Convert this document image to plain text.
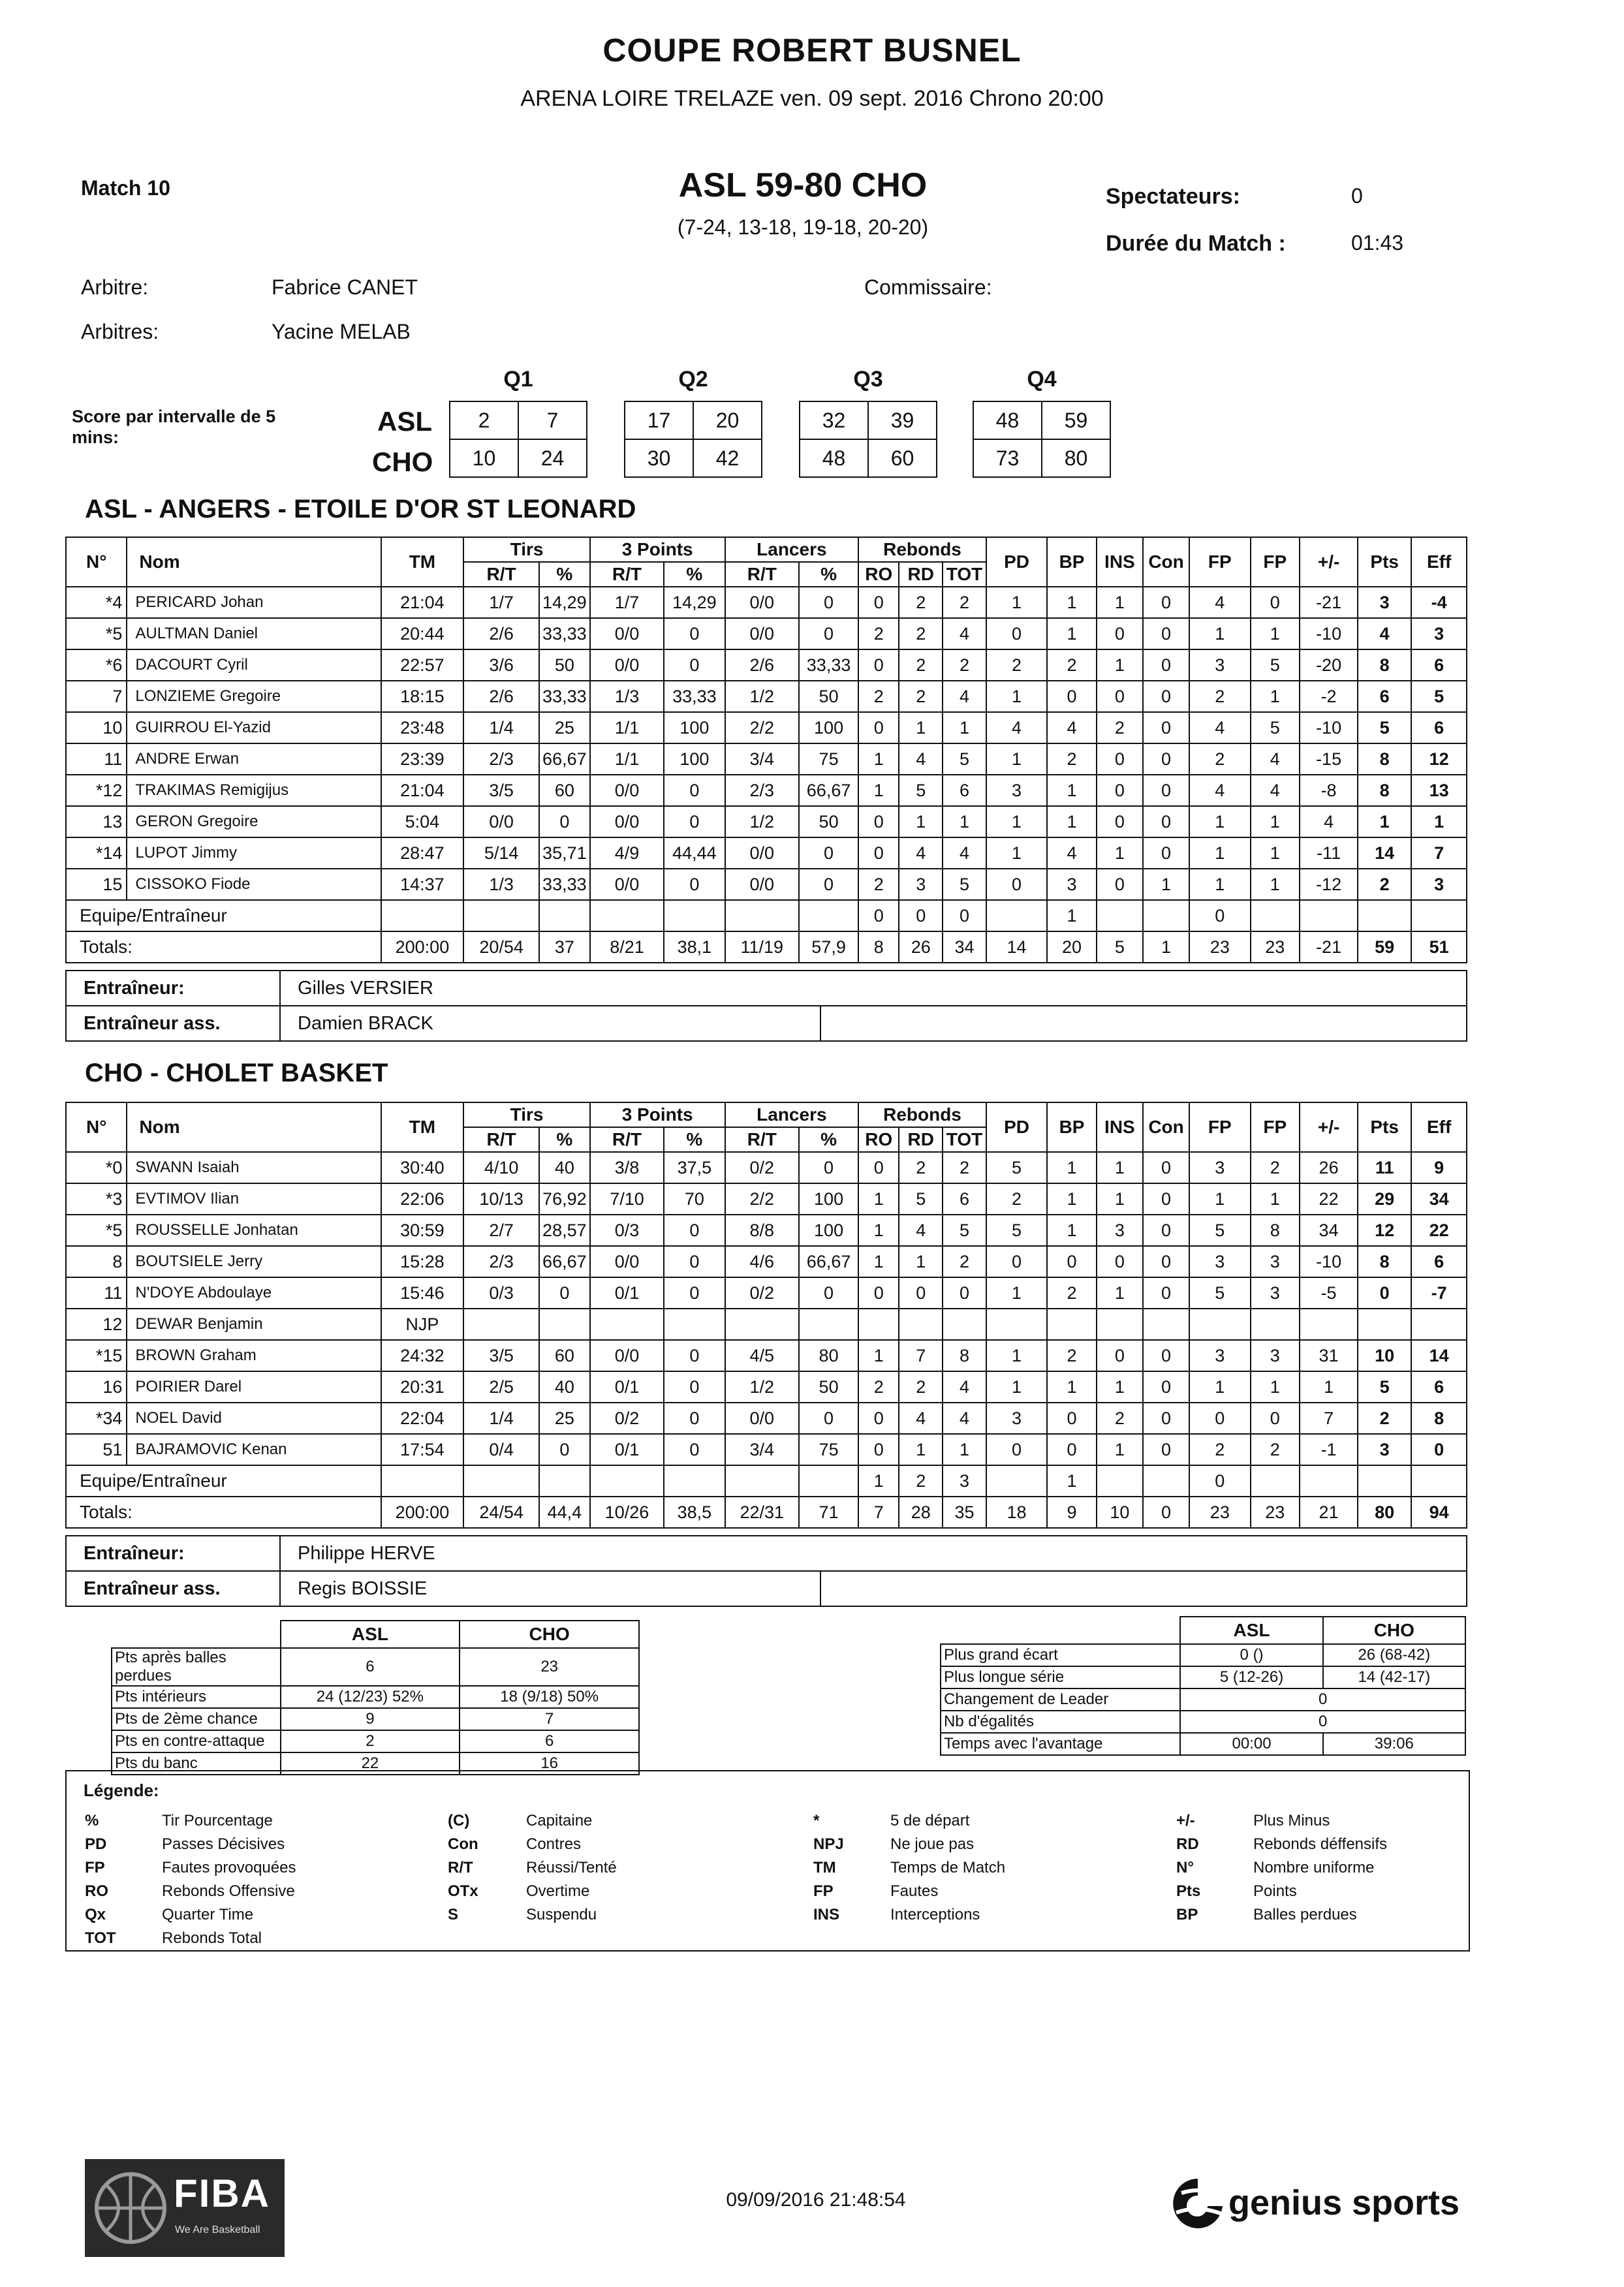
COUPE ROBERT BUSNEL
ARENA LOIRE TRELAZE ven. 09 sept. 2016 Chrono 20:00
Match 10	ASL 59-80 CHO
(7-24, 13-18, 19-18, 20-20)
Spectateurs:	0
Durée du Match :	01:43
Arbitre:	Fabrice CANET
Arbitres:	Yacine MELAB
Commissaire:
Score par intervalle de 5 mins:
ASL
CHO
Q1
2	7
10	24
Q2
17	20
30	42
Q3
32	39
48	60
Q4
48	59
73	80
ASL - ANGERS - ETOILE D'OR ST LEONARD
N°	Nom	TM	Tirs		3 Points		Lancers		Rebonds			PD	BP	INS	Con	FP	FP	+/-	Pts	Eff
			R/T	%	R/T	%	R/T	%	RO	RD	TOT									
*4	PERICARD Johan	21:04	1/7	14,29	1/7	14,29	0/0	0	0	2	2	1	1	1	0	4	0	-21	3	-4
*5	AULTMAN Daniel	20:44	2/6	33,33	0/0	0	0/0	0	2	2	4	0	1	0	0	1	1	-10	4	3
*6	DACOURT Cyril	22:57	3/6	50	0/0	0	2/6	33,33	0	2	2	2	2	1	0	3	5	-20	8	6
7	LONZIEME Gregoire	18:15	2/6	33,33	1/3	33,33	1/2	50	2	2	4	1	0	0	0	2	1	-2	6	5
10	GUIRROU El-Yazid	23:48	1/4	25	1/1	100	2/2	100	0	1	1	4	4	2	0	4	5	-10	5	6
11	ANDRE Erwan	23:39	2/3	66,67	1/1	100	3/4	75	1	4	5	1	2	0	0	2	4	-15	8	12
*12	TRAKIMAS Remigijus	21:04	3/5	60	0/0	0	2/3	66,67	1	5	6	3	1	0	0	4	4	-8	8	13
13	GERON Gregoire	5:04	0/0	0	0/0	0	1/2	50	0	1	1	1	1	0	0	1	1	4	1	1
*14	LUPOT Jimmy	28:47	5/14	35,71	4/9	44,44	0/0	0	0	4	4	1	4	1	0	1	1	-11	14	7
15	CISSOKO Fiode	14:37	1/3	33,33	0/0	0	0/0	0	2	3	5	0	3	0	1	1	1	-12	2	3
Equipe/Entraîneur									0	0	0		1			0				
Totals:		200:00	20/54	37	8/21	38,1	11/19	57,9	8	26	34	14	20	5	1	23	23	-21	59	51
Entraîneur:	Gilles VERSIER	
Entraîneur ass.	Damien BRACK	
CHO - CHOLET BASKET
N°	Nom	TM	Tirs		3 Points		Lancers		Rebonds			PD	BP	INS	Con	FP	FP	+/-	Pts	Eff
			R/T	%	R/T	%	R/T	%	RO	RD	TOT									
*0	SWANN Isaiah	30:40	4/10	40	3/8	37,5	0/2	0	0	2	2	5	1	1	0	3	2	26	11	9
*3	EVTIMOV Ilian	22:06	10/13	76,92	7/10	70	2/2	100	1	5	6	2	1	1	0	1	1	22	29	34
*5	ROUSSELLE Jonhatan	30:59	2/7	28,57	0/3	0	8/8	100	1	4	5	5	1	3	0	5	8	34	12	22
8	BOUTSIELE Jerry	15:28	2/3	66,67	0/0	0	4/6	66,67	1	1	2	0	0	0	0	3	3	-10	8	6
11	N'DOYE Abdoulaye	15:46	0/3	0	0/1	0	0/2	0	0	0	0	1	2	1	0	5	3	-5	0	-7
12	DEWAR Benjamin	NJP																		
*15	BROWN Graham	24:32	3/5	60	0/0	0	4/5	80	1	7	8	1	2	0	0	3	3	31	10	14
16	POIRIER Darel	20:31	2/5	40	0/1	0	1/2	50	2	2	4	1	1	1	0	1	1	1	5	6
*34	NOEL David	22:04	1/4	25	0/2	0	0/0	0	0	4	4	3	0	2	0	0	0	7	2	8
51	BAJRAMOVIC Kenan	17:54	0/4	0	0/1	0	3/4	75	0	1	1	0	0	1	0	2	2	-1	3	0
Equipe/Entraîneur									1	2	3		1			0				
Totals:		200:00	24/54	44,4	10/26	38,5	22/31	71	7	28	35	18	9	10	0	23	23	21	80	94
Entraîneur:	Philippe HERVE	
Entraîneur ass.	Regis BOISSIE	
	ASL	CHO
Pts après balles perdues	6	23
Pts intérieurs	24 (12/23) 52%	18 (9/18) 50%
Pts de 2ème chance	9	7
Pts en contre-attaque	2	6
Pts du banc	22	16
	ASL	CHO
Plus grand écart	0 ()	26 (68-42)
Plus longue série	5 (12-26)	14 (42-17)
Changement de Leader	0	
Nb d'égalités	0	
Temps avec l'avantage	00:00	39:06
Légende:
%	Tir Pourcentage
PD	Passes Décisives
FP	Fautes provoquées
RO	Rebonds Offensive
Qx	Quarter Time
TOT	Rebonds Total
(C)	Capitaine
Con	Contres
R/T	Réussi/Tenté
OTx	Overtime
S	Suspendu
*	5 de départ
NPJ	Ne joue pas
TM	Temps de Match
FP	Fautes
INS	Interceptions
+/-	Plus Minus
RD	Rebonds déffensifs
N°	Nombre uniforme
Pts	Points
BP	Balles perdues
FIBA
We Are Basketball
09/09/2016 21:48:54	genius sports
